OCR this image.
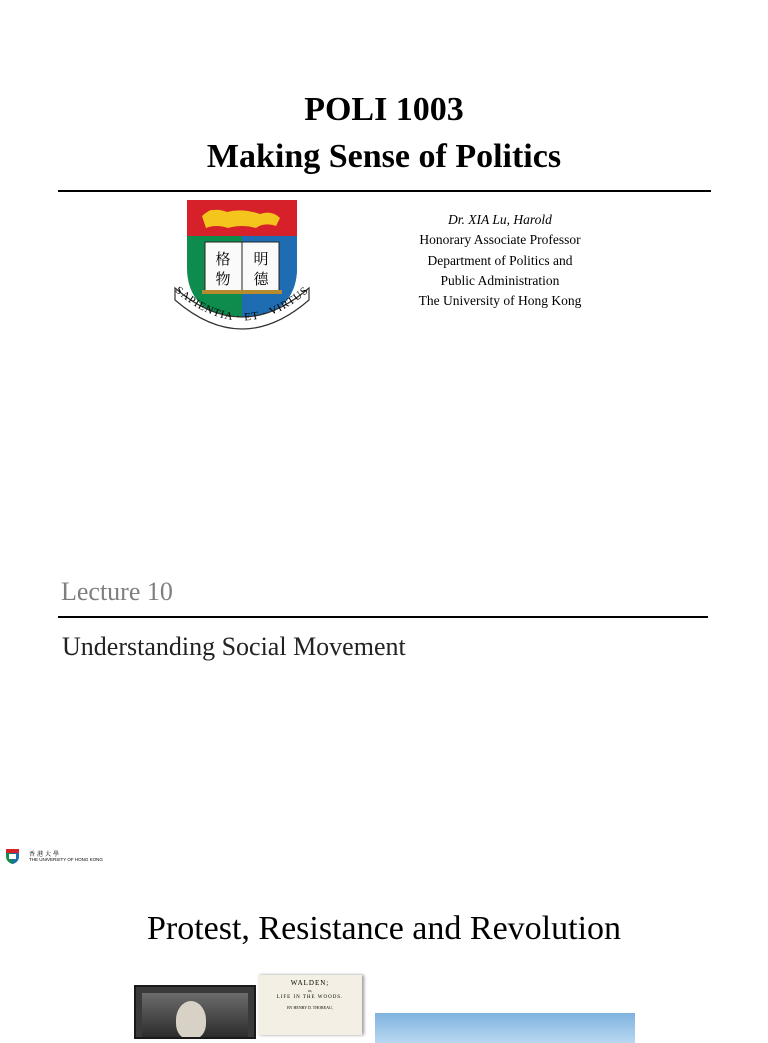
POLI 1003
Making Sense of Politics
格 明
物 德
SAPIENTIA · ET · VIRTUS
Dr. XIA Lu, Harold
Honorary Associate Professor
Department of Politics and
Public Administration
The University of Hong Kong
Lecture 10
Understanding Social Movement
香港大學
THE UNIVERSITY OF HONG KONG
Protest, Resistance and Revolution
WALDEN;
or,
LIFE IN THE WOODS.
BY HENRY D. THOREAU,
